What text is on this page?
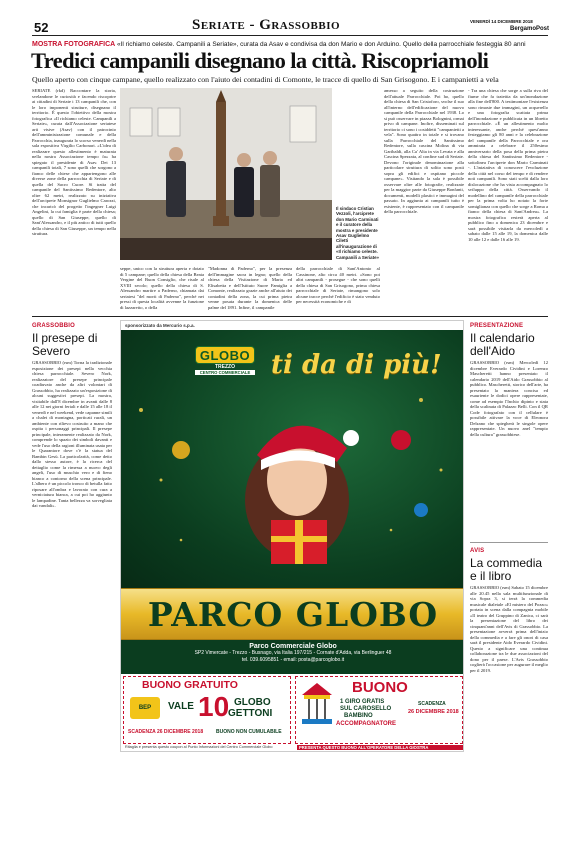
52	Seriate - Grassobbio	VENERDÌ 14 DICEMBRE 2018
BergamoPost
MOSTRA FOTOGRAFICA «Il richiamo celeste. Campanili a Seriate», curata da Asav e condivisa da don Mario e don Arduino. Quello della parrocchiale festeggia 80 anni
Tredici campanili disegnano la città. Riscopriamoli
Quello aperto con cinque campane, quello realizzato con l'aiuto dei contadini di Comonte, le tracce di quello di San Grisogono. E i campanietti a vela
SERIATE (rkd) Raccontare la storia, svelandone le curiosità e facendo riscoprire ai cittadini di Seriate i 13 campanili che, con le loro imponenti strutture, disegnano il territorio. È questo l'obiettivo della mostra fotografica «Il richiamo celeste. Campanili a Seriate», curata dall'Associazione seriatese arti visive (Asav) con il patrocinio dell'amministrazione comunale e della Parrocchia, inaugurata lo scorso venerdì nella sala espositiva Virgilio Carbonari. «L'idea di realizzare questo allestimento è maturata nella nostra Associazione tempo fa» ha spiegato il presidente di Asav. Dei 13 campanili totali, 7 sono quelli che sorgono a fianco delle chiese che appartengono alle diverse zone della parrocchia di Seriate e di quella del Sacro Cuore. Sì tratta del campanile del Santissimo Redentore, alto oltre 62 metri, realizzato su iniziativa dell'arciprete Monsignor Guglielmo Carozzi, che incaricò del progetto l'ingegner Luigi Angelini, la cui famiglia è parte della chiesa; quello di San Giuseppe, quello di Sant'Alessandro, e il più antico di tutti quello della chiesa di San Giuseppe, un tempo nella struttura.
seppe, unico con la struttura aperta e dotato di 5 campane; quello della chiesa della Beata Vergine del Buon Consiglio, che risale al XVIII secolo; quello della chiesa di S. Alessandro martire a Paderno, chiamata dai seriatesi "del morti di Paderno", perché nei pressi di questa località avvenne la funzione di lazzaretto, o della
"Madonna di Paderno", per la presenza dell'immagine sacra in legno; quello della chiesa della Visitazione di Maria ed Elisabetta e dell'Istituto Suore Famiglia a Comonte, realizzato grazie anche all'aiuto dei contadini della zona, la cui prima pietra venne posata durante la domenica delle palme del 1891. Infine, il campanile
della parrocchiale di Sant'Antonio al Cassinone, alto circa 40 metri. «Sono poi altri campanili - prosegue - che sono quelli della chiesa di San Grisogono, prima chiesa parrocchiale di Seriate, rimangono solo alcune tracce perché l'edificio è stato venduto per necessità economiche e di
amesso a seguito della costruzione dell'attuale Parrocchiale. Poi ho, quello della chiesa di San Cristoforo, svolse il suo all'interno dell'edificazione del nuovo campanile della Parrocchiale nel 1938. Lo si può osservare in piazza Bolognini, ormai privo di campane. Inoltre, disseminati sul territorio ci sono i cosiddetti "campanietti a vela". Sono quattro in totale e si trovano sulla Parrocchiale del Santissimo Redentore, sulla cascina Molina di via Garibaldi, alla Ca' Alta in via Levata e alla Cascina Spezzata, al confine sud di Seriate. Devono l'originale denominazione alla particolare struttura di solito sono posti sopra gli edifici e ospitano piccole campane». Visitando la sala è possibile osservare oltre alle fotografie, realizzate per la maggior parte da Giuseppe Bonfanti, documenti, modelli plastici e immagini del passato. In aggiunta ai campanili tutto è esistente, è rappresentato con il campanile della parrocchiale.
- Tra una chiesa che sorge a sulla riva del fiume che fa traiettia da un'inondazione alla fine dell'800. A testimoniare l'esistenza sono rimaste due immagini, un acquerello e una fotografia scattata prima dell'inondazione e pubblicata in un libretto parrocchiale. «È un allestimento molto interessante, anche perché quest'anno festeggiamo gli 80 anni e la celebrazione del campanile della Parrocchiale e ora ammirata a celebrare il 250esimo anniversario della posa della prima pietra della chiesa del Santissimo Redentore - sottolinea l'arciprete don Mario Carminati -. L'iniziativa di conoscere l'evoluzione della città nel corso del tempo e di rendere noti campanili. Sono stati scelti dalla loro dislocazione che ha vista accompagnato lo sviluppo della città. Osservando il modellino del campanile della parrocchiale per la prima volta ho notato la forte somiglianza con quello che sorge a Roma a fianco della chiesa di Sant'Andrea». La mostra fotografica resterà aperta al pubblico fino a domenica 23 dicembre e sarà possibile visitarla da mercoledì a sabato dalle 15 alle 19, la domenica dalle 10 alle 12 e dalle 16 alle 19.
Il sindaco Cristian Vezzoli, l'arciprete don Mario Carminati e il curatore della mostra e presidente Asav Guglielmo Ciletti all'inaugurazione di «Il richiamo celeste. Campanili a Seriate»
GRASSOBBIO
Il presepe di Severo
GRASSOBBIO (rsm) Torna la tradizionale esposizione dei presepi nella vecchia chiesa parrocchiale. Severo Nork, realizzatore del presepe principale coadiuvato anche da altri volontari di Grassobbio, ha realizzato un'esposizione di alcuni suggestivi presepi. La mostra, visitabile dall'8 dicembre in avanti dalle 8 alle 12 nei giorni feriali e dalle 15 alle 18 il venerdì e nel weekend, vede capanne simili a chalet di montagna, porticati rurali, un ambiente con rilievo costruito a mano che ospita i personaggi principali. Il presepe principale, interamente realizzato da Nork, comprende lo spazio dei simboli davanti e vede l'uso della ragioni illuminata usata per le Quarantore dove c'è la statua del Bambin Gesù. La particolarità, come detto dallo stesso autore, è la ricerca del dettaglio come la rimessa a nuovo degli angeli, l'uso di muschio vero e di fieno bianco a contorno della scena principale. L'albero è un piccolo tronco di betulla fatto riposare all'ombra e lavorato con cura a verniciatura bianca, a cui poi ho aggiunto le lampadine. Tanta bellezza va sorvegliata dai vandali».
PRESENTAZIONE
Il calendario dell'Aido
GRASSOBBIO (rsm) Mercoledì 12 dicembre Everardo Cividini e Lorenzo Mascheretti hanno presentato il calendario 2019 dell'Aido Grassobbio al pubblico. Mascheretti, storico dell'arte, ha presentato la maniera concisa ed esauriente le dodici opere rappresentate, come ad esempio l'Inchio dipinto e stata della scalinata di Palazzo Belli. Con il QR Code fotografato con il cellulare è possibile attivare la voce di Eleonora Delzano che spiegherà le singole opere rappresentate. Un nuovo anel "tempio della cultura" grassobbiese.
AVIS
La commedia e il libro
GRASSOBBIO (rsm) Sabato 15 dicembre alle 20.45 nella sala multifunzionale di via Sopra 3, si terrà la commedia musicale dialetale «El mistero del Pozzo» portata in scena dalla compagnia mobile «Il teatro del Gruppino di Zanica, ci sarà la presentazione del libro dei cinquant'anni dell'Avis di Grassobbio. La presentazione avverrà prima dell'inizio della commedia e a fare gli onori di casa sarà il presidente Aido Everardo Cividini. Questo a significare una continua collaborazione tra le due associazioni del dono per il paese. L'Avis Grassobbio coglierà l'occasione per augurare il meglio per il 2019.
sponsorizzato da Mercurio s.p.a.
GLOBO
TREZZO
CENTRO COMMERCIALE ti da di più!
PARCO GLOBO
Parco Commerciale Globo
SP2 Vimercate - Trezzo - Busnago, via Italia 197/215 - Cornate d'Adda, via Berlinguer 48
tel. 039.6095851 - email: posta@parcoglobo.it
BUONO GRATUITO
BEP	VALE 10 GLOBO
GETTONI
SCADENZA 26 DICEMBRE 2018	BUONO NON CUMULABILE
BUONO
1 GIRO GRATIS
SUL CAROSELLO
BAMBINO
ACCOMPAGNATORE
SCADENZA
26 DICEMBRE 2018
Ritaglia e presenta questo coupon al Punto Informazioni del Centro Commerciale Globo	PRESENTA QUESTO BUONO ALL'OPERATORE DELLA GIOSTRA
